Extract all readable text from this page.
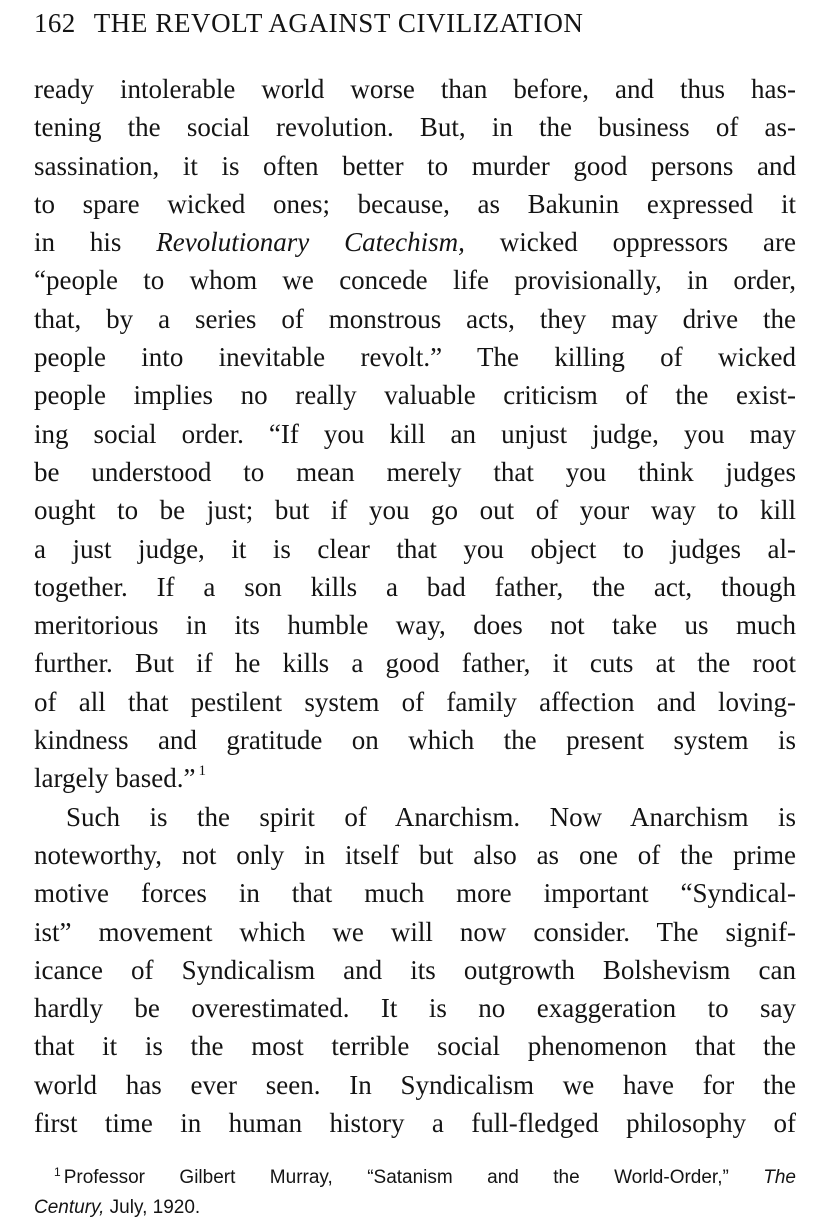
162 THE REVOLT AGAINST CIVILIZATION
ready intolerable world worse than before, and thus has-
tening the social revolution. But, in the business of as-
sassination, it is often better to murder good persons and
to spare wicked ones; because, as Bakunin expressed it
in his Revolutionary Catechism, wicked oppressors are
“people to whom we concede life provisionally, in order,
that, by a series of monstrous acts, they may drive the
people into inevitable revolt.” The killing of wicked
people implies no really valuable criticism of the exist-
ing social order. “If you kill an unjust judge, you may
be understood to mean merely that you think judges
ought to be just; but if you go out of your way to kill
a just judge, it is clear that you object to judges al-
together. If a son kills a bad father, the act, though
meritorious in its humble way, does not take us much
further. But if he kills a good father, it cuts at the root
of all that pestilent system of family affection and loving-
kindness and gratitude on which the present system is
largely based.” $^1$
Such is the spirit of Anarchism. Now Anarchism is
noteworthy, not only in itself but also as one of the prime
motive forces in that much more important “Syndical-
ist” movement which we will now consider. The signif-
icance of Syndicalism and its outgrowth Bolshevism can
hardly be overestimated. It is no exaggeration to say
that it is the most terrible social phenomenon that the
world has ever seen. In Syndicalism we have for the
first time in human history a full-fledged philosophy of
$^1$ Professor Gilbert Murray, “Satanism and the World-Order,” The
Century, July, 1920.
